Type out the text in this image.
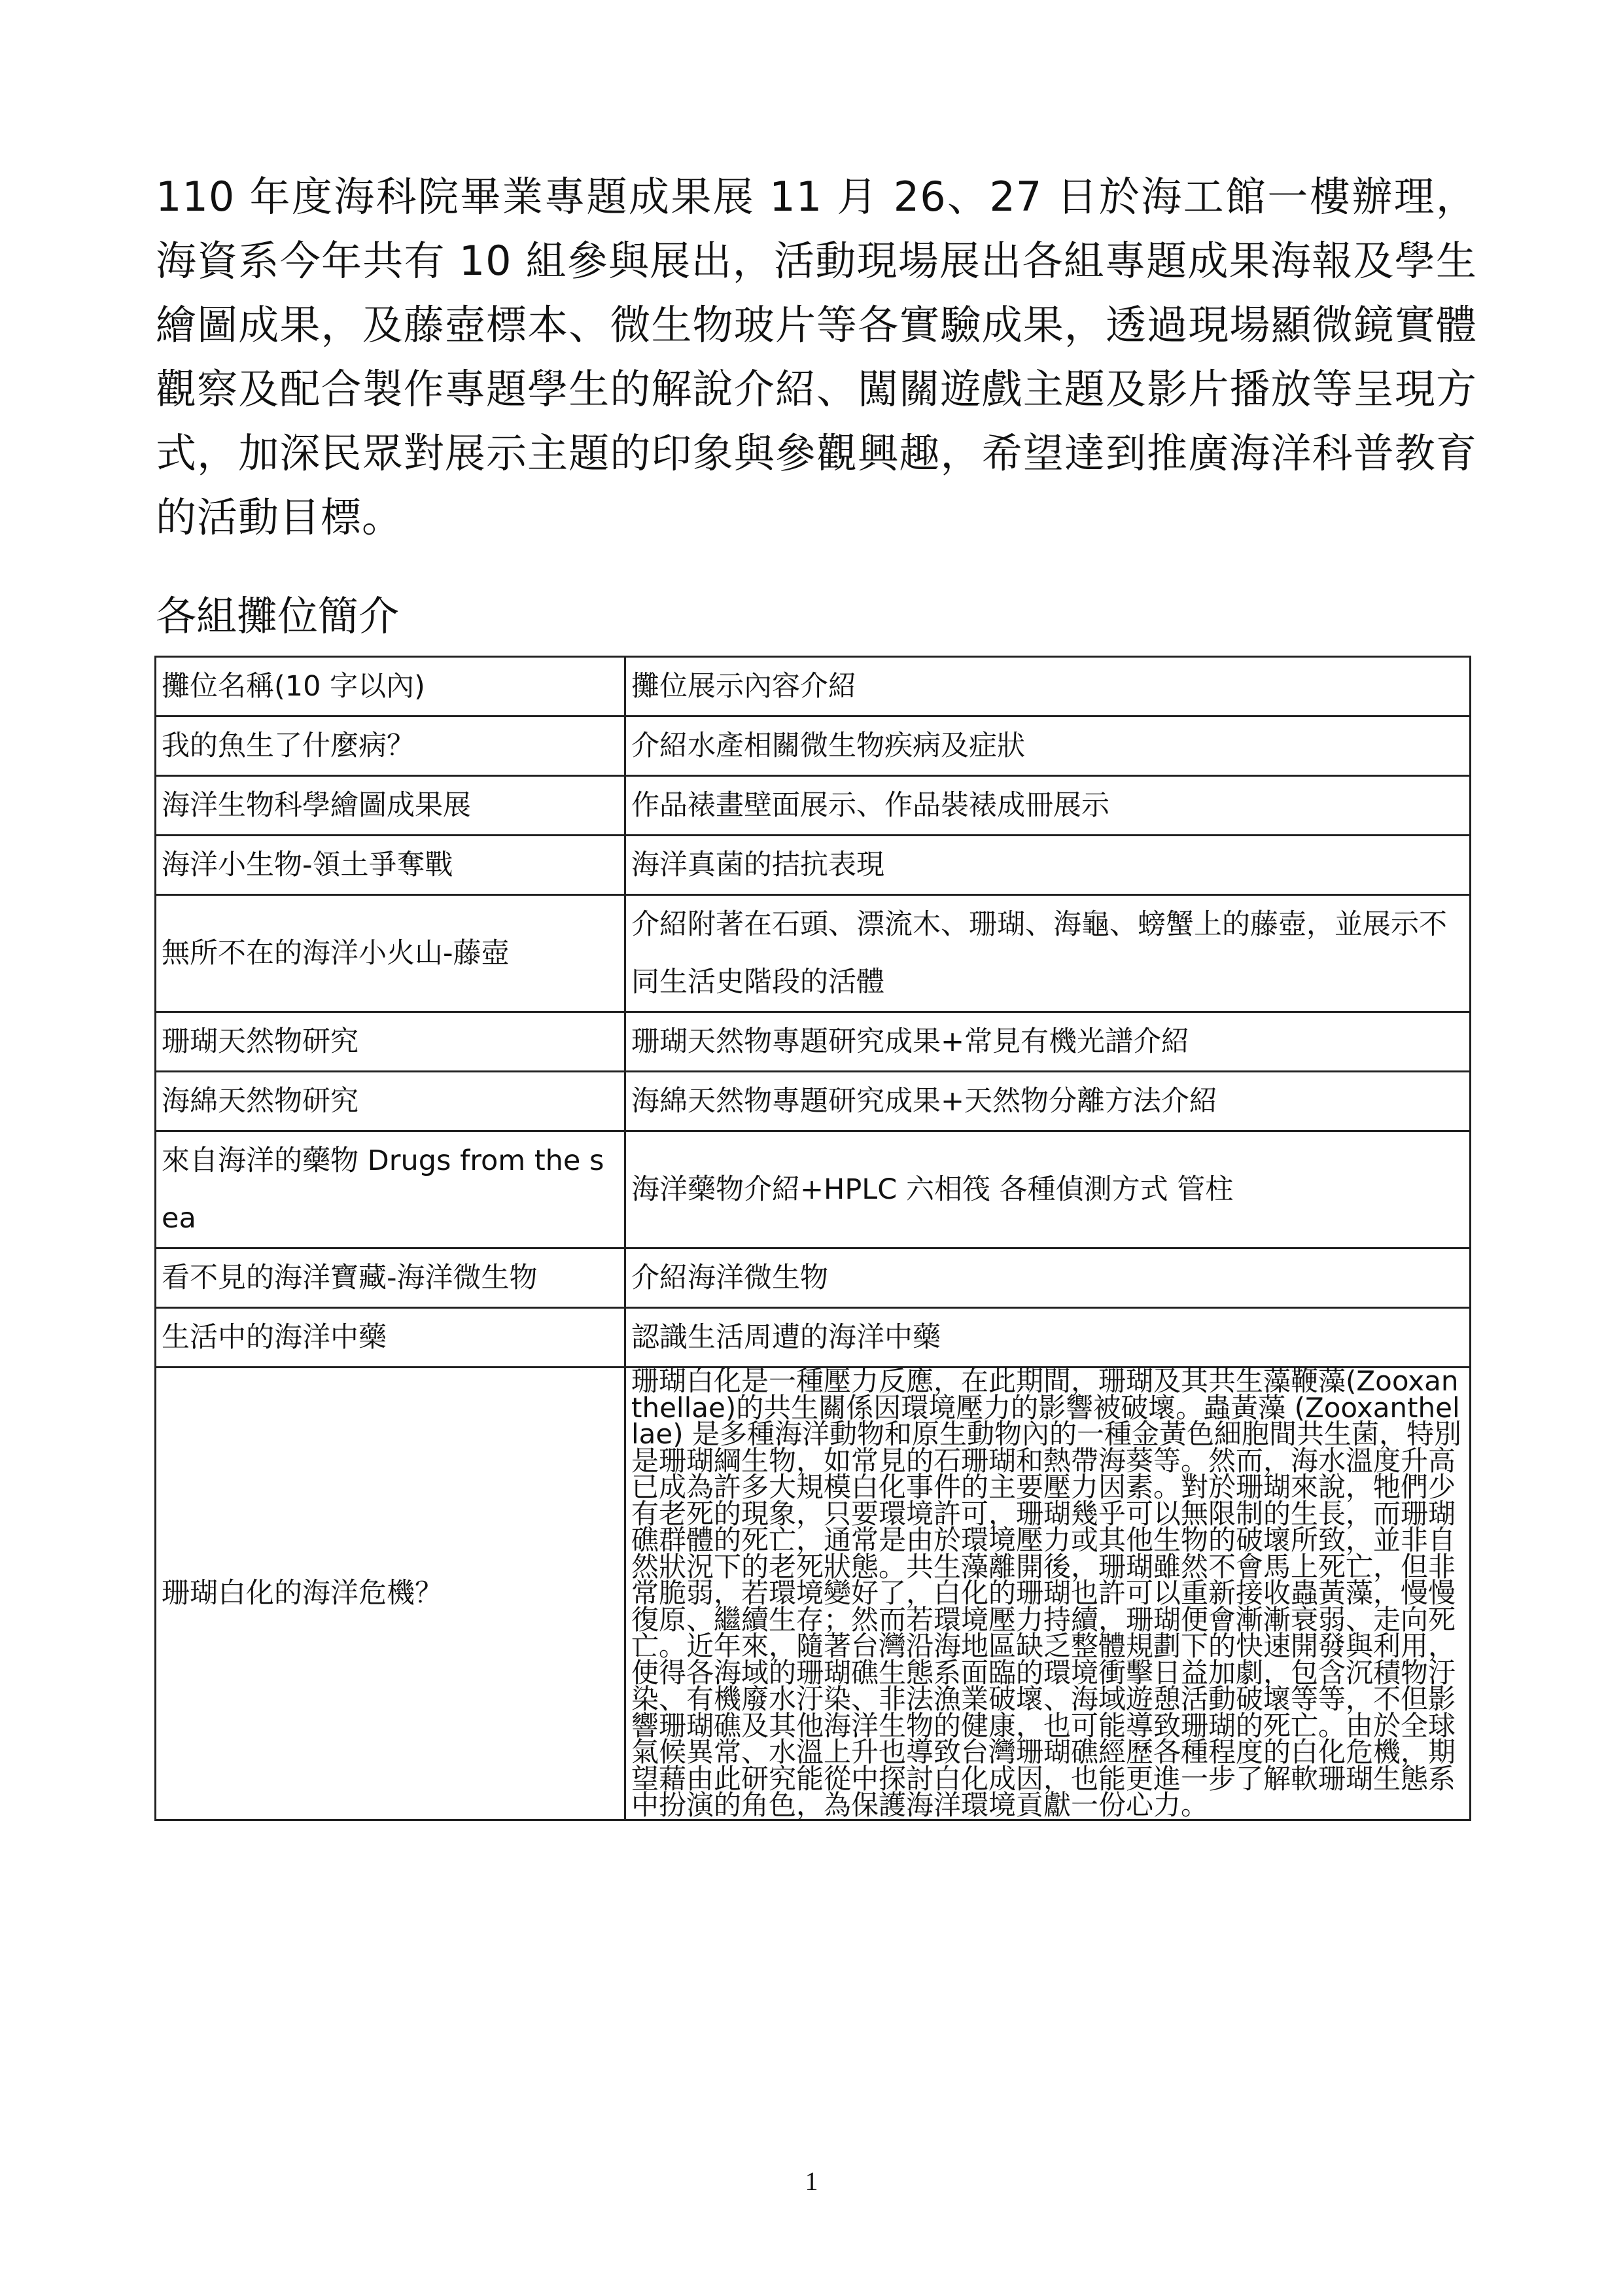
110 年度海科院畢業專題成果展 11 月 26、27 日於海工館一樓辦理，海資系今年共有 10 組參與展出，活動現場展出各組專題成果海報及學生繪圖成果，及藤壺標本、微生物玻片等各實驗成果，透過現場顯微鏡實體觀察及配合製作專題學生的解說介紹、闖關遊戲主題及影片播放等呈現方式，加深民眾對展示主題的印象與參觀興趣，希望達到推廣海洋科普教育的活動目標。

各組攤位簡介
攤位名稱(10 字以內)	攤位展示內容介紹
我的魚生了什麼病？	介紹水產相關微生物疾病及症狀
海洋生物科學繪圖成果展	作品裱畫壁面展示、作品裝裱成冊展示
海洋小生物-領土爭奪戰	海洋真菌的拮抗表現
無所不在的海洋小火山-藤壺	介紹附著在石頭、漂流木、珊瑚、海龜、螃蟹上的藤壺，並展示不同生活史階段的活體
珊瑚天然物研究	珊瑚天然物專題研究成果+常見有機光譜介紹
海綿天然物研究	海綿天然物專題研究成果+天然物分離方法介紹
來自海洋的藥物 Drugs from the sea	海洋藥物介紹+HPLC 六相筏 各種偵測方式 管柱
看不見的海洋寶藏-海洋微生物	介紹海洋微生物
生活中的海洋中藥	認識生活周遭的海洋中藥
珊瑚白化的海洋危機？	珊瑚白化是一種壓力反應，在此期間，珊瑚及其共生藻鞭藻(Zooxanthellae)的共生關係因環境壓力的影響被破壞。蟲黃藻 (Zooxanthellae) 是多種海洋動物和原生動物內的一種金黃色細胞間共生菌，特別是珊瑚綱生物，如常見的石珊瑚和熱帶海葵等。然而，海水溫度升高已成為許多大規模白化事件的主要壓力因素。對於珊瑚來說，牠們少有老死的現象，只要環境許可，珊瑚幾乎可以無限制的生長，而珊瑚礁群體的死亡，通常是由於環境壓力或其他生物的破壞所致，並非自然狀況下的老死狀態。共生藻離開後，珊瑚雖然不會馬上死亡，但非常脆弱，若環境變好了，白化的珊瑚也許可以重新接收蟲黃藻，慢慢復原、繼續生存；然而若環境壓力持續，珊瑚便會漸漸衰弱、走向死亡。近年來，隨著台灣沿海地區缺乏整體規劃下的快速開發與利用，使得各海域的珊瑚礁生態系面臨的環境衝擊日益加劇，包含沉積物汙染、有機廢水汙染、非法漁業破壞、海域遊憩活動破壞等等，不但影響珊瑚礁及其他海洋生物的健康，也可能導致珊瑚的死亡。由於全球氣候異常、水溫上升也導致台灣珊瑚礁經歷各種程度的白化危機，期望藉由此研究能從中探討白化成因，也能更進一步了解軟珊瑚生態系中扮演的角色，為保護海洋環境貢獻一份心力。
1
